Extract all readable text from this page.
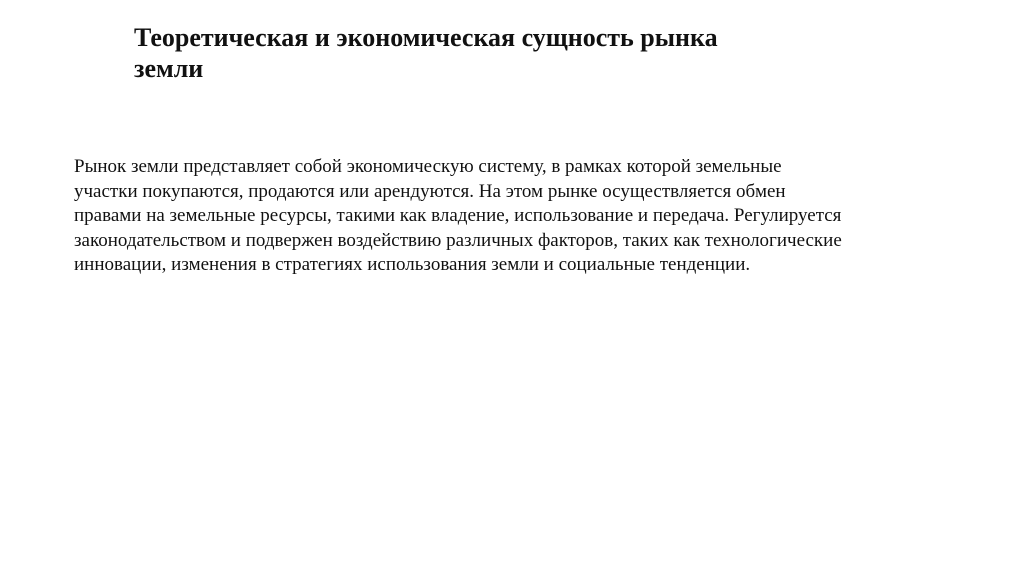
Теоретическая и экономическая сущность рынка
земли

Рынок земли представляет собой экономическую систему, в рамках которой земельные
участки покупаются, продаются или арендуются. На этом рынке осуществляется обмен
правами на земельные ресурсы, такими как владение, использование и передача. Регулируется
законодательством и подвержен воздействию различных факторов, таких как технологические
инновации, изменения в стратегиях использования земли и социальные тенденции.
